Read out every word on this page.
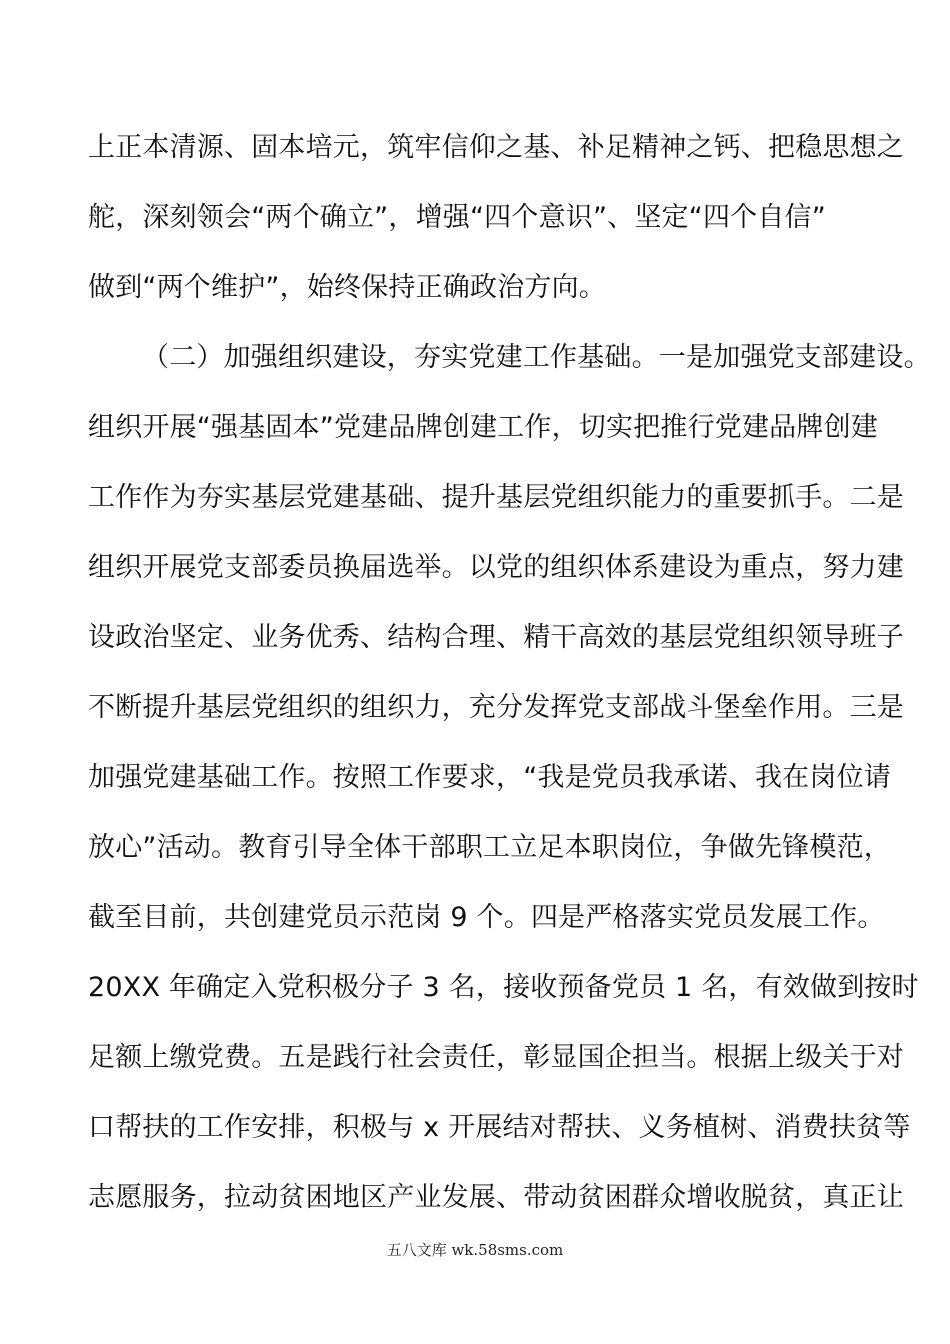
上正本清源、固本培元，筑牢信仰之基、补足精神之钙、把稳思想之
舵，深刻领会“两个确立”，增强“四个意识”、坚定“四个自信”
做到“两个维护”，始终保持正确政治方向。
（二）加强组织建设，夯实党建工作基础。一是加强党支部建设。
组织开展“强基固本”党建品牌创建工作，切实把推行党建品牌创建
工作作为夯实基层党建基础、提升基层党组织能力的重要抓手。二是
组织开展党支部委员换届选举。以党的组织体系建设为重点，努力建
设政治坚定、业务优秀、结构合理、精干高效的基层党组织领导班子
不断提升基层党组织的组织力，充分发挥党支部战斗堡垒作用。三是
加强党建基础工作。按照工作要求，“我是党员我承诺、我在岗位请
放心”活动。教育引导全体干部职工立足本职岗位，争做先锋模范，
截至目前，共创建党员示范岗 9 个。四是严格落实党员发展工作。
20XX 年确定入党积极分子 3 名，接收预备党员 1 名，有效做到按时
足额上缴党费。五是践行社会责任，彰显国企担当。根据上级关于对
口帮扶的工作安排，积极与 x 开展结对帮扶、义务植树、消费扶贫等
志愿服务，拉动贫困地区产业发展、带动贫困群众增收脱贫，真正让
五八文库 wk.58sms.com
